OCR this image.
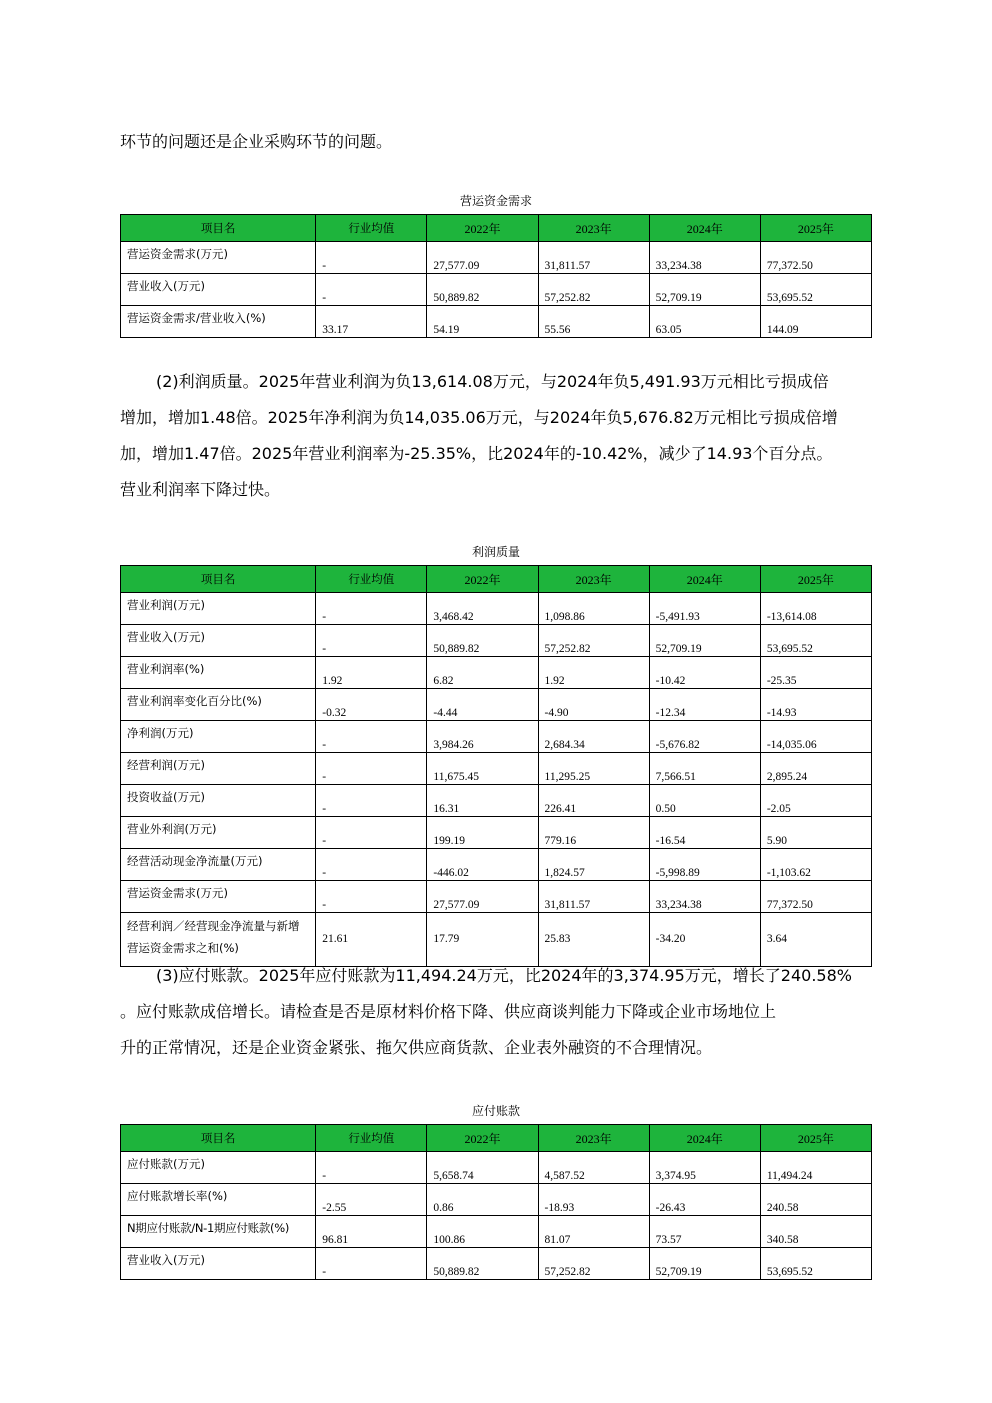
环节的问题还是企业采购环节的问题。

营运资金需求
项目名	行业均值	2022年	2023年	2024年	2025年
营运资金需求(万元)	-	27,577.09	31,811.57	33,234.38	77,372.50
营业收入(万元)	-	50,889.82	57,252.82	52,709.19	53,695.52
营运资金需求/营业收入(%)	33.17	54.19	55.56	63.05	144.09
(2)利润质量。2025年营业利润为负13,614.08万元，与2024年负5,491.93万元相比亏损成倍
增加，增加1.48倍。2025年净利润为负14,035.06万元，与2024年负5,676.82万元相比亏损成倍增
加，增加1.47倍。2025年营业利润率为-25.35%，比2024年的-10.42%，减少了14.93个百分点。
营业利润率下降过快。
利润质量
项目名	行业均值	2022年	2023年	2024年	2025年
营业利润(万元)	-	3,468.42	1,098.86	-5,491.93	-13,614.08
营业收入(万元)	-	50,889.82	57,252.82	52,709.19	53,695.52
营业利润率(%)	1.92	6.82	1.92	-10.42	-25.35
营业利润率变化百分比(%)	-0.32	-4.44	-4.90	-12.34	-14.93
净利润(万元)	-	3,984.26	2,684.34	-5,676.82	-14,035.06
经营利润(万元)	-	11,675.45	11,295.25	7,566.51	2,895.24
投资收益(万元)	-	16.31	226.41	0.50	-2.05
营业外利润(万元)	-	199.19	779.16	-16.54	5.90
经营活动现金净流量(万元)	-	-446.02	1,824.57	-5,998.89	-1,103.62
营运资金需求(万元)	-	27,577.09	31,811.57	33,234.38	77,372.50
经营利润／经营现金净流量与新增营运资金需求之和(%)	21.61	17.79	25.83	-34.20	3.64
(3)应付账款。2025年应付账款为11,494.24万元，比2024年的3,374.95万元，增长了240.58%
。应付账款成倍增长。请检查是否是原材料价格下降、供应商谈判能力下降或企业市场地位上
升的正常情况，还是企业资金紧张、拖欠供应商货款、企业表外融资的不合理情况。
应付账款
项目名	行业均值	2022年	2023年	2024年	2025年
应付账款(万元)	-	5,658.74	4,587.52	3,374.95	11,494.24
应付账款增长率(%)	-2.55	0.86	-18.93	-26.43	240.58
N期应付账款/N-1期应付账款(%)	96.81	100.86	81.07	73.57	340.58
营业收入(万元)	-	50,889.82	57,252.82	52,709.19	53,695.52
